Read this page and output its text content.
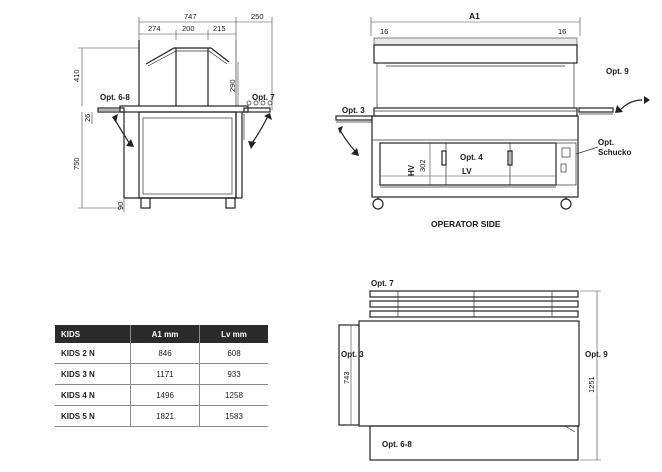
747	250
274	200 215
410
290
Opt. 6-8	Opt. 7
750
26
90
A1
16	16
HV 302	LV
Opt. 4
Opt. 3
Opt. 9
Opt.
Schucko
OPERATOR SIDE
Opt. 7
743	1251
Opt. 3	Opt. 9
Opt. 6-8
KIDS	A1 mm	Lv mm
KIDS 2 N	846	608
KIDS 3 N	1171	933
KIDS 4 N	1496	1258
KIDS 5 N	1821	1583
